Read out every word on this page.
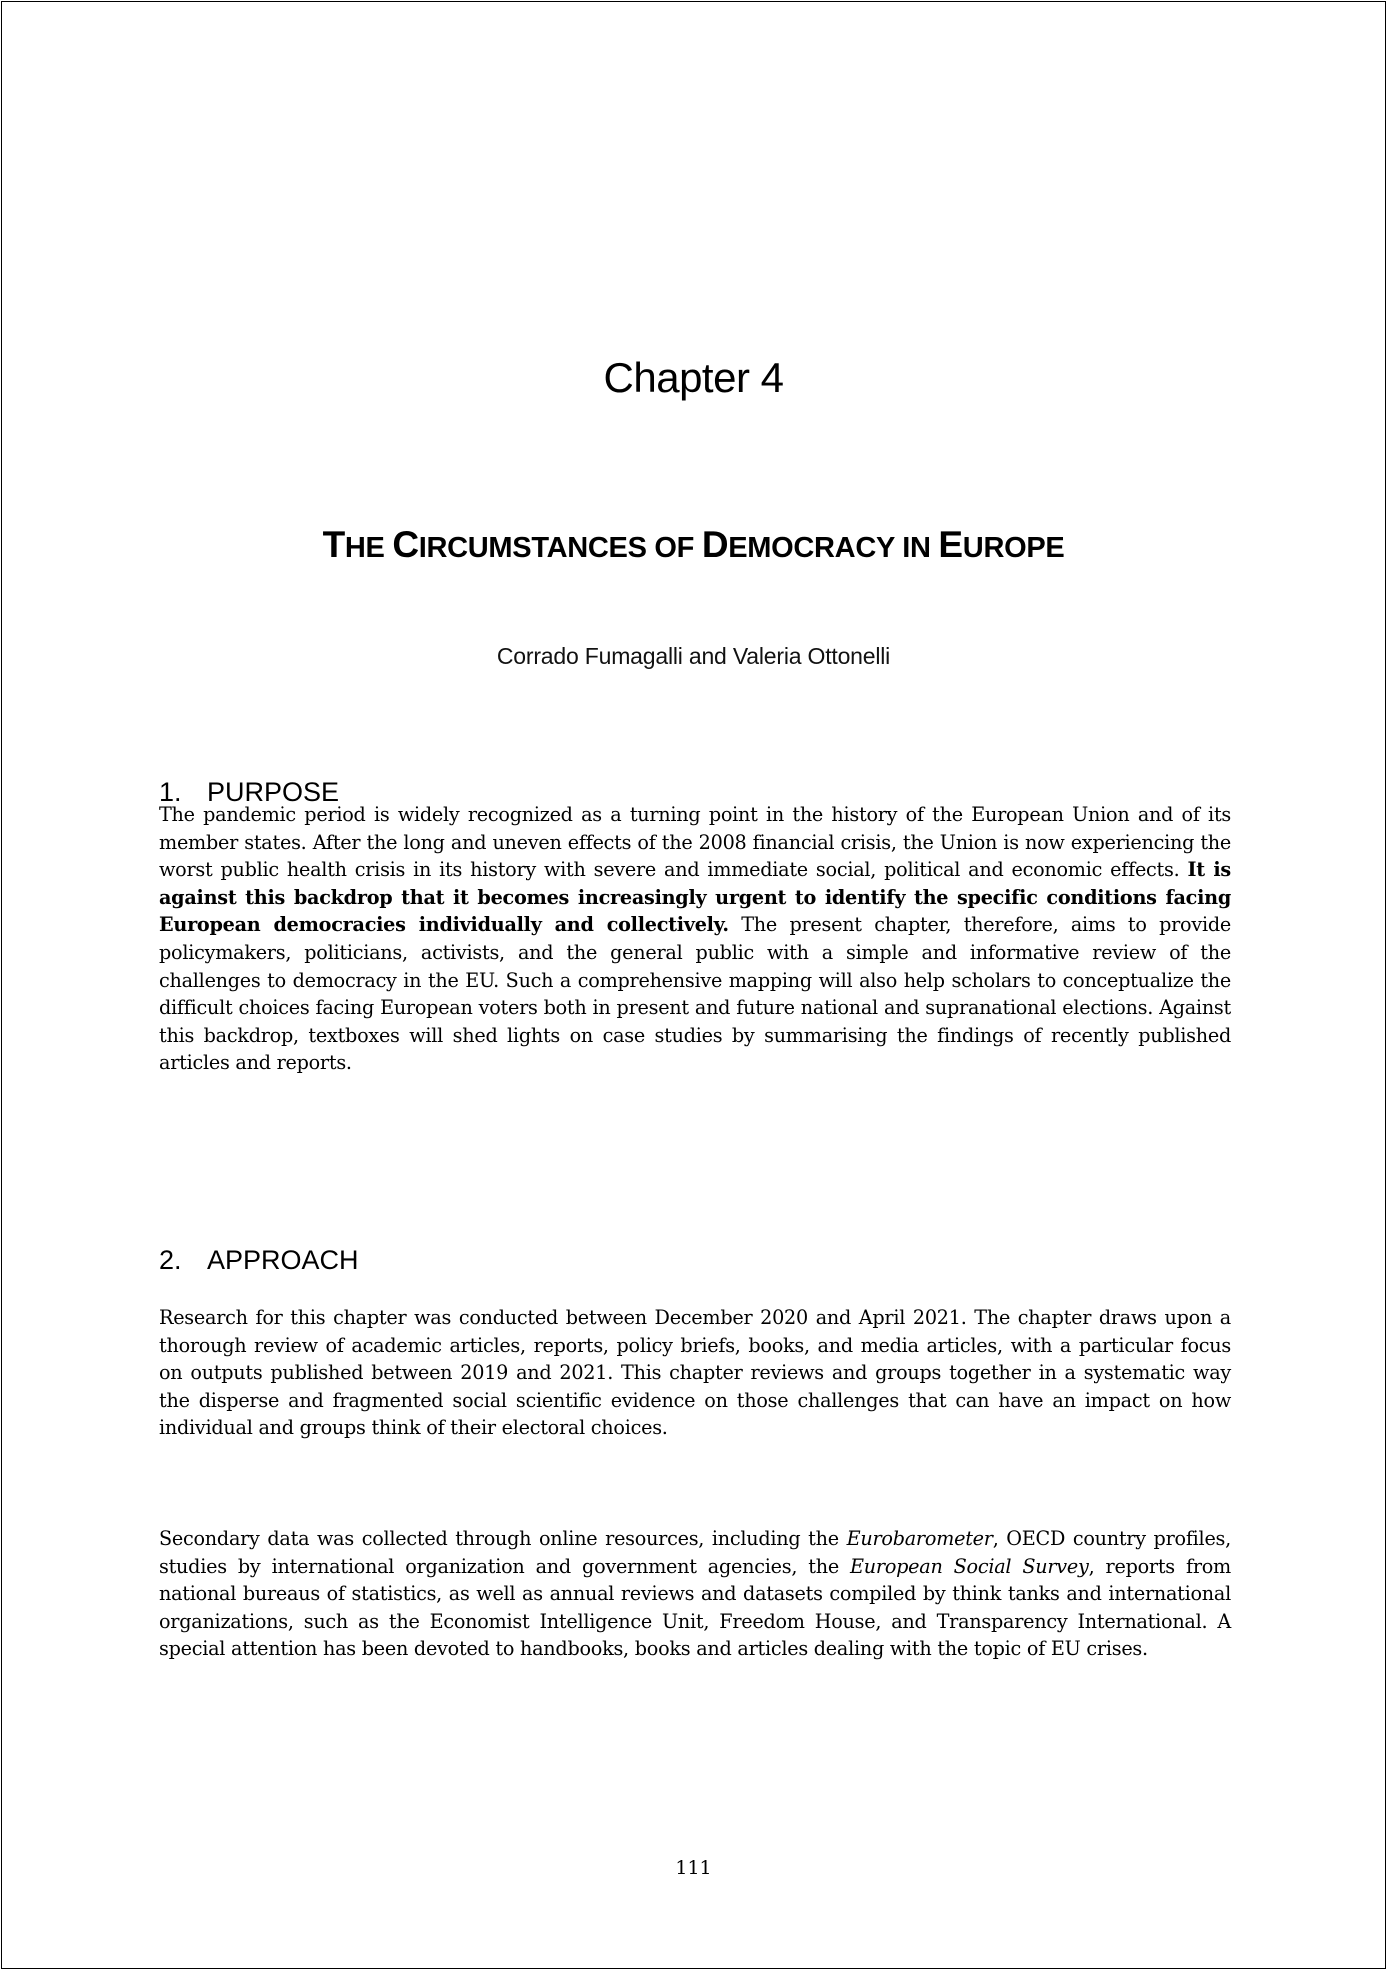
Chapter 4
THE CIRCUMSTANCES OF DEMOCRACY IN EUROPE
Corrado Fumagalli and Valeria Ottonelli
1. PURPOSE
The pandemic period is widely recognized as a turning point in the history of the European Union and of its member states. After the long and uneven effects of the 2008 financial crisis, the Union is now experiencing the worst public health crisis in its history with severe and immediate social, political and economic effects. It is against this backdrop that it becomes increasingly urgent to identify the specific conditions facing European democracies individually and collectively. The present chapter, therefore, aims to provide policymakers, politicians, activists, and the general public with a simple and informative review of the challenges to democracy in the EU. Such a comprehensive mapping will also help scholars to conceptualize the difficult choices facing European voters both in present and future national and supranational elections. Against this backdrop, textboxes will shed lights on case studies by summarising the findings of recently published articles and reports.
2. APPROACH
Research for this chapter was conducted between December 2020 and April 2021. The chapter draws upon a thorough review of academic articles, reports, policy briefs, books, and media articles, with a particular focus on outputs published between 2019 and 2021. This chapter reviews and groups together in a systematic way the disperse and fragmented social scientific evidence on those challenges that can have an impact on how individual and groups think of their electoral choices.
Secondary data was collected through online resources, including the Eurobarometer, OECD country profiles, studies by international organization and government agencies, the European Social Survey, reports from national bureaus of statistics, as well as annual reviews and datasets compiled by think tanks and international organizations, such as the Economist Intelligence Unit, Freedom House, and Transparency International. A special attention has been devoted to handbooks, books and articles dealing with the topic of EU crises.
111
